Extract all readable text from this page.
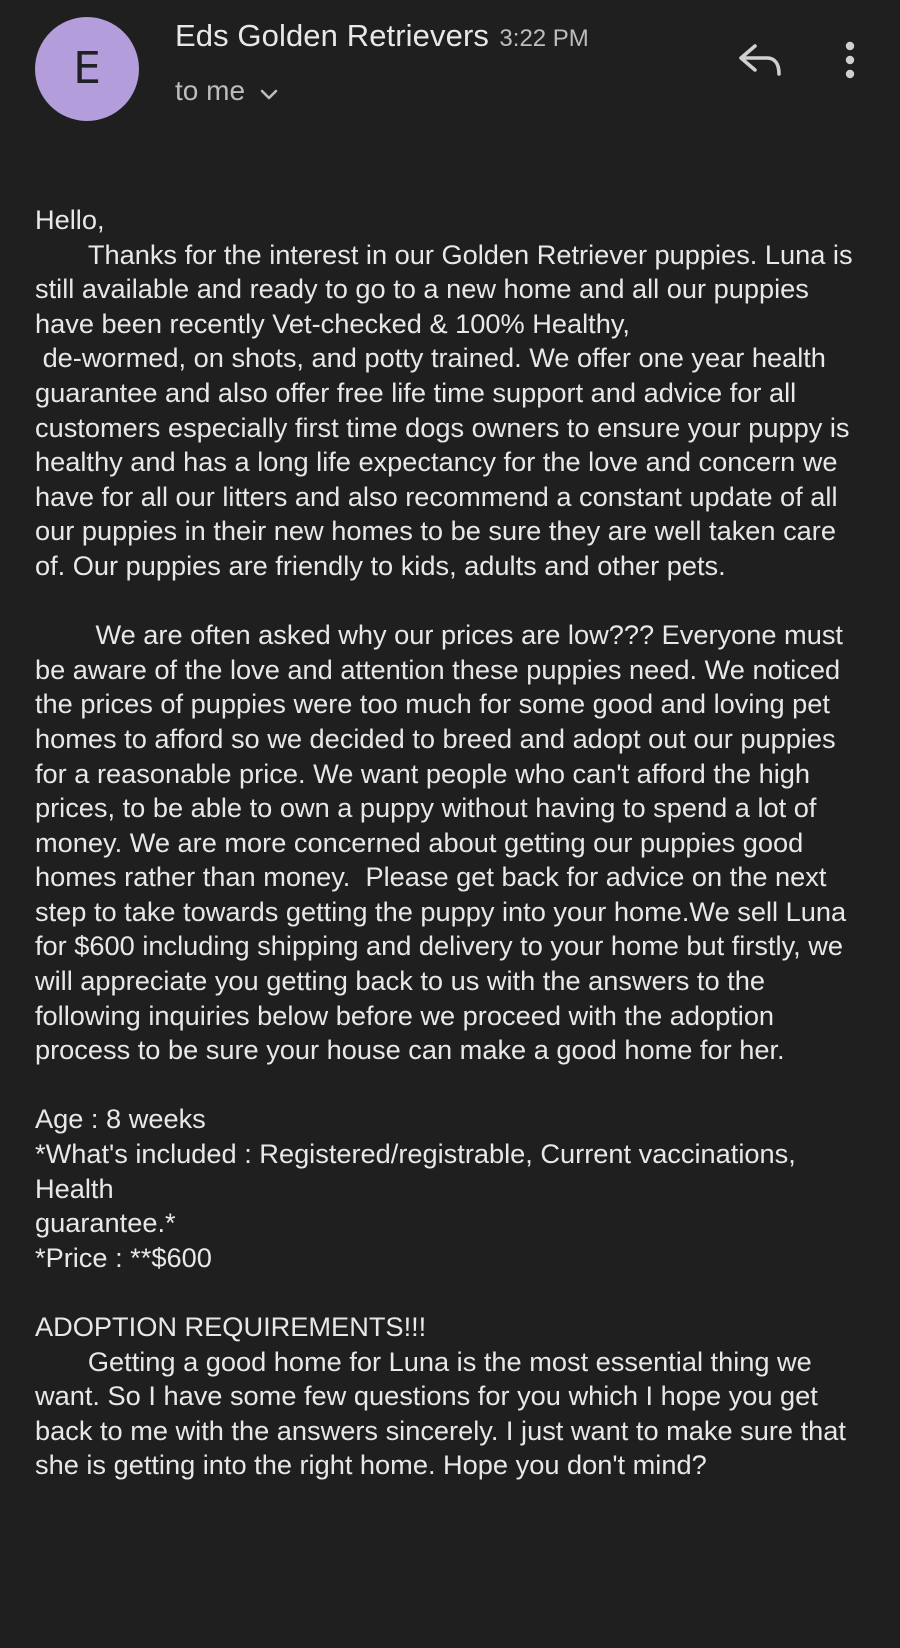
E
Eds Golden Retrievers 3:22 PM
to me
Hello,
Thanks for the interest in our Golden Retriever puppies. Luna is still available and ready to go to a new home and all our puppies have been recently Vet-checked & 100% Healthy,
de-wormed, on shots, and potty trained. We offer one year health guarantee and also offer free life time support and advice for all customers especially first time dogs owners to ensure your puppy is healthy and has a long life expectancy for the love and concern we have for all our litters and also recommend a constant update of all our puppies in their new homes to be sure they are well taken care of. Our puppies are friendly to kids, adults and other pets.

We are often asked why our prices are low??? Everyone must be aware of the love and attention these puppies need. We noticed the prices of puppies were too much for some good and loving pet homes to afford so we decided to breed and adopt out our puppies for a reasonable price. We want people who can't afford the high prices, to be able to own a puppy without having to spend a lot of money. We are more concerned about getting our puppies good homes rather than money.  Please get back for advice on the next step to take towards getting the puppy into your home.We sell Luna for $600 including shipping and delivery to your home but firstly, we will appreciate you getting back to us with the answers to the following inquiries below before we proceed with the adoption process to be sure your house can make a good home for her.

Age : 8 weeks
*What's included : Registered/registrable, Current vaccinations, Health
guarantee.*
*Price : **$600

ADOPTION REQUIREMENTS!!!
Getting a good home for Luna is the most essential thing we want. So I have some few questions for you which I hope you get back to me with the answers sincerely. I just want to make sure that she is getting into the right home. Hope you don't mind?
